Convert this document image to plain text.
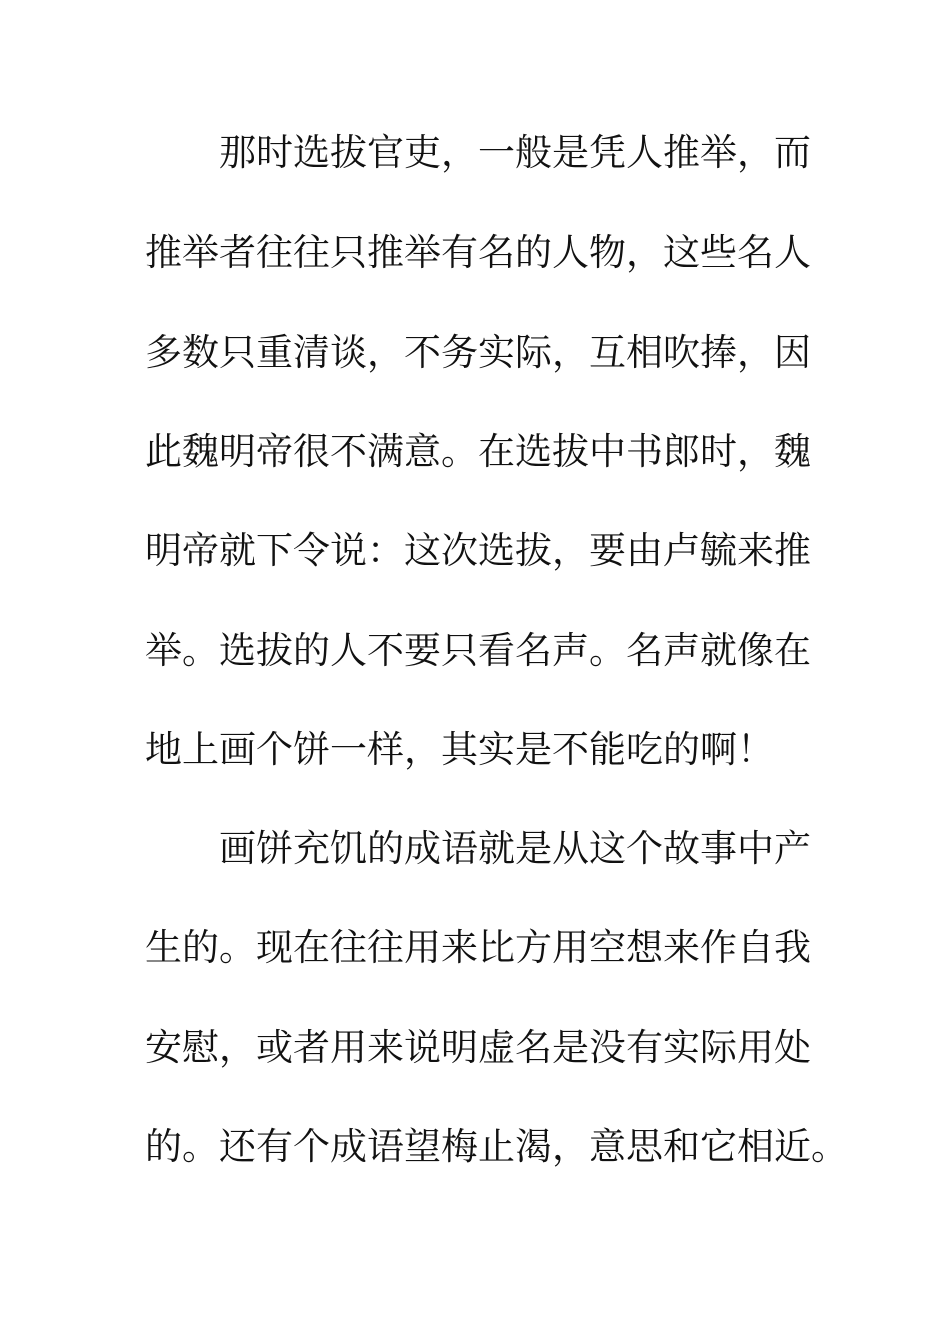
那时选拔官吏，一般是凭人推举，而
推举者往往只推举有名的人物，这些名人
多数只重清谈，不务实际，互相吹捧，因
此魏明帝很不满意。在选拔中书郎时，魏
明帝就下令说：这次选拔，要由卢毓来推
举。选拔的人不要只看名声。名声就像在
地上画个饼一样，其实是不能吃的啊！
画饼充饥的成语就是从这个故事中产
生的。现在往往用来比方用空想来作自我
安慰，或者用来说明虚名是没有实际用处
的。还有个成语望梅止渴，意思和它相近。
